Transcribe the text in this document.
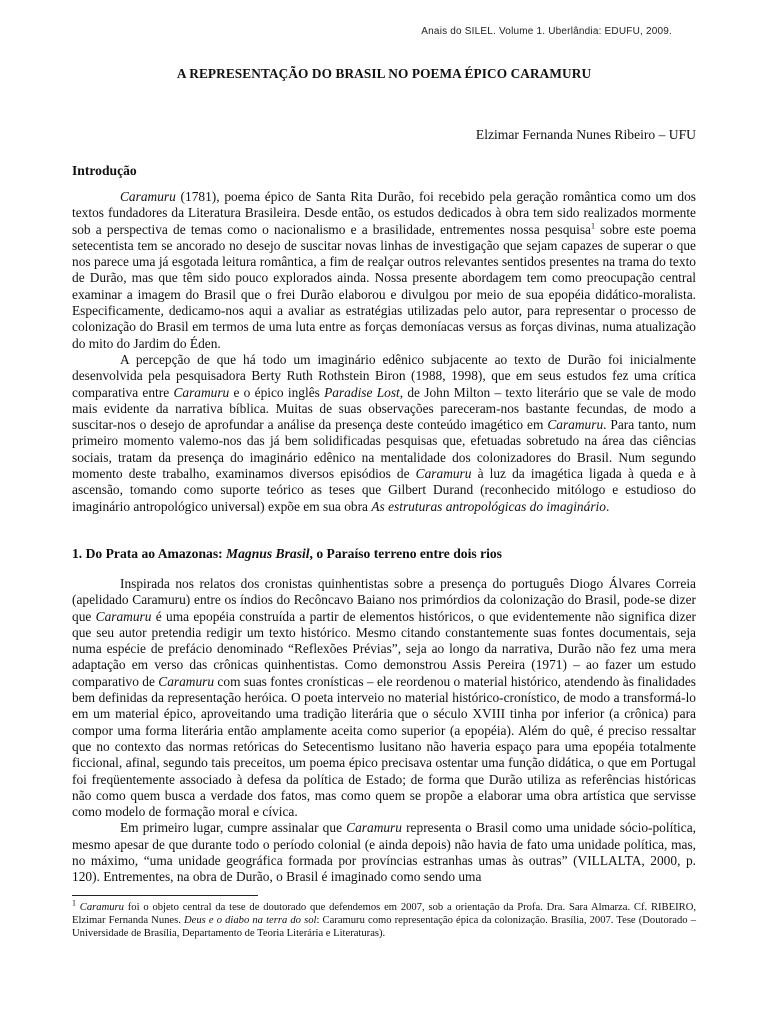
Anais do SILEL. Volume 1. Uberlândia: EDUFU, 2009.
A REPRESENTAÇÃO DO BRASIL NO POEMA ÉPICO CARAMURU
Elzimar Fernanda Nunes Ribeiro – UFU
Introdução

Caramuru (1781), poema épico de Santa Rita Durão, foi recebido pela geração romântica como um dos textos fundadores da Literatura Brasileira. Desde então, os estudos dedicados à obra tem sido realizados mormente sob a perspectiva de temas como o nacionalismo e a brasilidade, entrementes nossa pesquisa$^1$ sobre este poema setecentista tem se ancorado no desejo de suscitar novas linhas de investigação que sejam capazes de superar o que nos parece uma já esgotada leitura romântica, a fim de realçar outros relevantes sentidos presentes na trama do texto de Durão, mas que têm sido pouco explorados ainda. Nossa presente abordagem tem como preocupação central examinar a imagem do Brasil que o frei Durão elaborou e divulgou por meio de sua epopéia didático-moralista. Especificamente, dedicamo-nos aqui a avaliar as estratégias utilizadas pelo autor, para representar o processo de colonização do Brasil em termos de uma luta entre as forças demoníacas versus as forças divinas, numa atualização do mito do Jardim do Éden.

A percepção de que há todo um imaginário edênico subjacente ao texto de Durão foi inicialmente desenvolvida pela pesquisadora Berty Ruth Rothstein Biron (1988, 1998), que em seus estudos fez uma crítica comparativa entre Caramuru e o épico inglês Paradise Lost, de John Milton – texto literário que se vale de modo mais evidente da narrativa bíblica. Muitas de suas observações pareceram-nos bastante fecundas, de modo a suscitar-nos o desejo de aprofundar a análise da presença deste conteúdo imagético em Caramuru. Para tanto, num primeiro momento valemo-nos das já bem solidificadas pesquisas que, efetuadas sobretudo na área das ciências sociais, tratam da presença do imaginário edênico na mentalidade dos colonizadores do Brasil. Num segundo momento deste trabalho, examinamos diversos episódios de Caramuru à luz da imagética ligada à queda e à ascensão, tomando como suporte teórico as teses que Gilbert Durand (reconhecido mitólogo e estudioso do imaginário antropológico universal) expõe em sua obra As estruturas antropológicas do imaginário.

1. Do Prata ao Amazonas: Magnus Brasil, o Paraíso terreno entre dois rios

Inspirada nos relatos dos cronistas quinhentistas sobre a presença do português Diogo Álvares Correia (apelidado Caramuru) entre os índios do Recôncavo Baiano nos primórdios da colonização do Brasil, pode-se dizer que Caramuru é uma epopéia construída a partir de elementos históricos, o que evidentemente não significa dizer que seu autor pretendia redigir um texto histórico. Mesmo citando constantemente suas fontes documentais, seja numa espécie de prefácio denominado “Reflexões Prévias”, seja ao longo da narrativa, Durão não fez uma mera adaptação em verso das crônicas quinhentistas. Como demonstrou Assis Pereira (1971) – ao fazer um estudo comparativo de Caramuru com suas fontes cronísticas – ele reordenou o material histórico, atendendo às finalidades bem definidas da representação heróica. O poeta interveio no material histórico-cronístico, de modo a transformá-lo em um material épico, aproveitando uma tradição literária que o século XVIII tinha por inferior (a crônica) para compor uma forma literária então amplamente aceita como superior (a epopéia). Além do quê, é preciso ressaltar que no contexto das normas retóricas do Setecentismo lusitano não haveria espaço para uma epopéia totalmente ficcional, afinal, segundo tais preceitos, um poema épico precisava ostentar uma função didática, o que em Portugal foi freqüentemente associado à defesa da política de Estado; de forma que Durão utiliza as referências históricas não como quem busca a verdade dos fatos, mas como quem se propõe a elaborar uma obra artística que servisse como modelo de formação moral e cívica.

Em primeiro lugar, cumpre assinalar que Caramuru representa o Brasil como uma unidade sócio-política, mesmo apesar de que durante todo o período colonial (e ainda depois) não havia de fato uma unidade política, mas, no máximo, “uma unidade geográfica formada por províncias estranhas umas às outras” (VILLALTA, 2000, p. 120). Entrementes, na obra de Durão, o Brasil é imaginado como sendo uma

$^1$ Caramuru foi o objeto central da tese de doutorado que defendemos em 2007, sob a orientação da Profa. Dra. Sara Almarza. Cf. RIBEIRO, Elzimar Fernanda Nunes. Deus e o diabo na terra do sol: Caramuru como representação épica da colonização. Brasília, 2007. Tese (Doutorado – Universidade de Brasília, Departamento de Teoria Literária e Literaturas).
